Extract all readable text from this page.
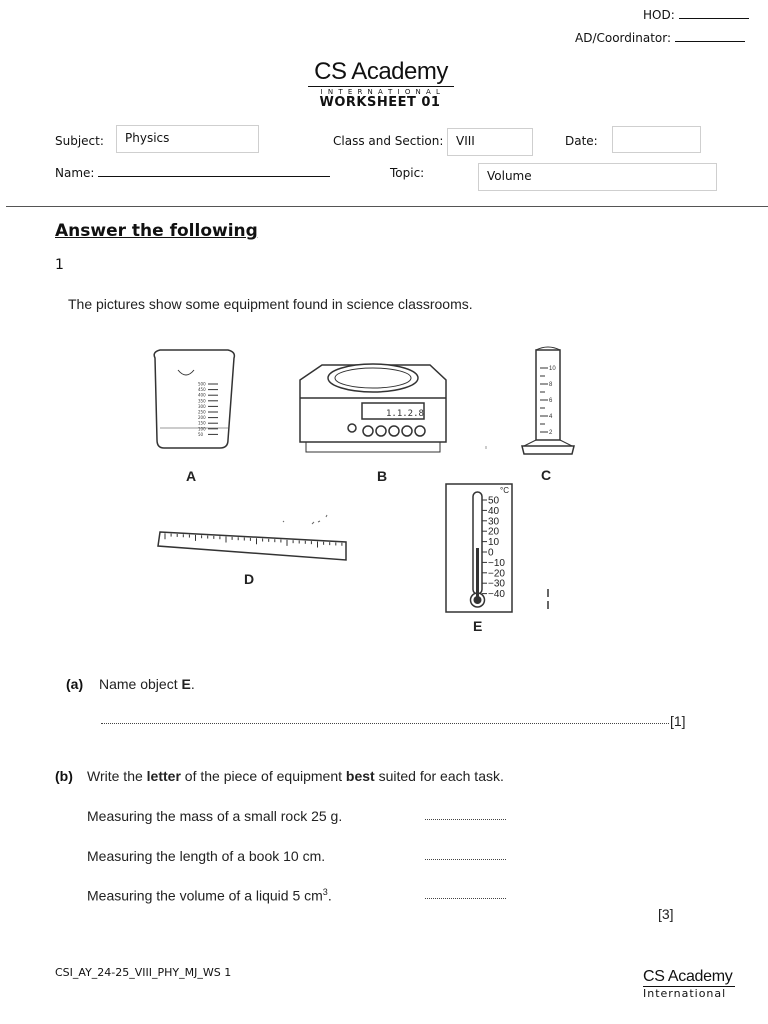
HOD:
AD/Coordinator:
CS Academy
I N T E R N A T I O N A L
WORKSHEET 01
Subject:	Physics	Class and Section:	VIII	Date:
Name:	Topic:	Volume
Answer the following
1
The pictures show some equipment found in science classrooms.
500
450
400
350
300
250
200
150
100
50
1.1.2.8
10
8
6
4
2
50
40
30
20
10
0
−10
−20
−30
−40
°C
A	B	C
D
E
(a) Name object E.
[1]
(b) Write the letter of the piece of equipment best suited for each task.
Measuring the mass of a small rock 25 g.
Measuring the length of a book 10 cm.
Measuring the volume of a liquid 5 $cm^3$.
[3]
CSI_AY_24-25_VIII_PHY_MJ_WS 1	CS Academy
International
